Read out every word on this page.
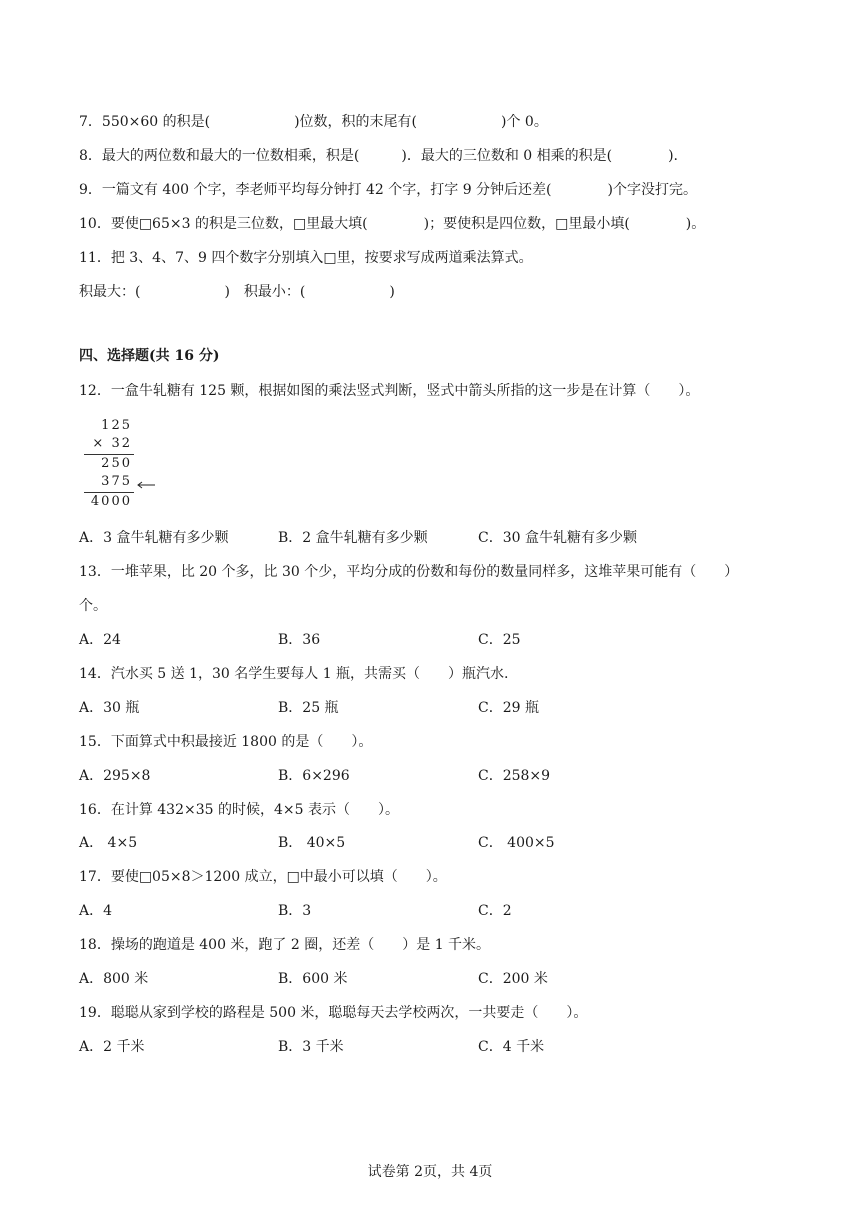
7．550×60 的积是(　　　　　　)位数，积的末尾有(　　　　　　)个 0。
8．最大的两位数和最大的一位数相乘，积是(　　　)．最大的三位数和 0 相乘的积是(　　　　).
9．一篇文有 400 个字，李老师平均每分钟打 42 个字，打字 9 分钟后还差(　　　　)个字没打完。
10．要使□65×3 的积是三位数，□里最大填(　　　　)；要使积是四位数，□里最小填(　　　　)。
11．把 3、4、7、9 四个数字分别填入□里，按要求写成两道乘法算式。
积最大：(　　　　　　)　积最小：(　　　　　　)
四、选择题(共 16 分)
12．一盒牛轧糖有 125 颗，根据如图的乘法竖式判断，竖式中箭头所指的这一步是在计算（　　）。
125
× 32
250
375
4000
A．3 盒牛轧糖有多少颗	B．2 盒牛轧糖有多少颗	C．30 盒牛轧糖有多少颗
13．一堆苹果，比 20 个多，比 30 个少，平均分成的份数和每份的数量同样多，这堆苹果可能有（　　）
个。
A．24	B．36	C．25
14．汽水买 5 送 1，30 名学生要每人 1 瓶，共需买（　　）瓶汽水.
A．30 瓶	B．25 瓶	C．29 瓶
15．下面算式中积最接近 1800 的是（　　）。
A．295×8	B．6×296	C．258×9
16．在计算 432×35 的时候，4×5 表示（　　）。
A． 4×5	B． 40×5	C． 400×5
17．要使□05×8＞1200 成立，□中最小可以填（　　）。
A．4	B．3	C．2
18．操场的跑道是 400 米，跑了 2 圈，还差（　　）是 1 千米。
A．800 米	B．600 米	C．200 米
19．聪聪从家到学校的路程是 500 米，聪聪每天去学校两次，一共要走（　　）。
A．2 千米	B．3 千米	C．4 千米
试卷第 2页，共 4页
